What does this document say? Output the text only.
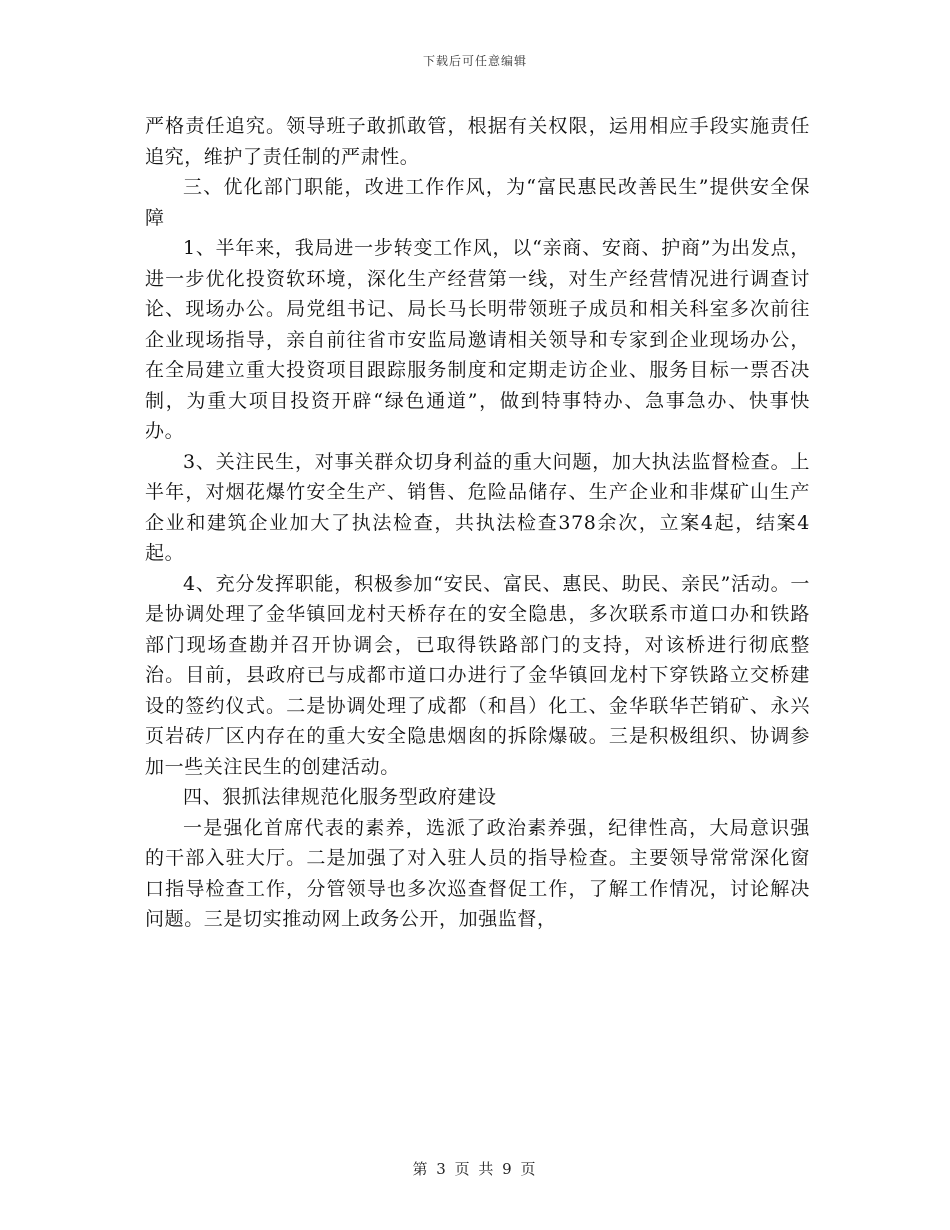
下载后可任意编辑

严格责任追究。领导班子敢抓敢管，根据有关权限，运用相应手段实施责任追究，维护了责任制的严肃性。

三、优化部门职能，改进工作作风，为“富民惠民改善民生”提供安全保障

1、半年来，我局进一步转变工作风，以“亲商、安商、护商”为出发点，进一步优化投资软环境，深化生产经营第一线，对生产经营情况进行调查讨论、现场办公。局党组书记、局长马长明带领班子成员和相关科室多次前往企业现场指导，亲自前往省市安监局邀请相关领导和专家到企业现场办公，在全局建立重大投资项目跟踪服务制度和定期走访企业、服务目标一票否决制，为重大项目投资开辟“绿色通道”，做到特事特办、急事急办、快事快办。

3、关注民生，对事关群众切身利益的重大问题，加大执法监督检查。上半年，对烟花爆竹安全生产、销售、危险品储存、生产企业和非煤矿山生产企业和建筑企业加大了执法检查，共执法检查378余次，立案4起，结案4起。

4、充分发挥职能，积极参加“安民、富民、惠民、助民、亲民”活动。一是协调处理了金华镇回龙村天桥存在的安全隐患，多次联系市道口办和铁路部门现场查勘并召开协调会，已取得铁路部门的支持，对该桥进行彻底整治。目前，县政府已与成都市道口办进行了金华镇回龙村下穿铁路立交桥建设的签约仪式。二是协调处理了成都（和昌）化工、金华联华芒销矿、永兴页岩砖厂区内存在的重大安全隐患烟囱的拆除爆破。三是积极组织、协调参加一些关注民生的创建活动。

四、狠抓法律规范化服务型政府建设

一是强化首席代表的素养，选派了政治素养强，纪律性高，大局意识强的干部入驻大厅。二是加强了对入驻人员的指导检查。主要领导常常深化窗口指导检查工作，分管领导也多次巡查督促工作，了解工作情况，讨论解决问题。三是切实推动网上政务公开，加强监督，

第 3 页 共 9 页
